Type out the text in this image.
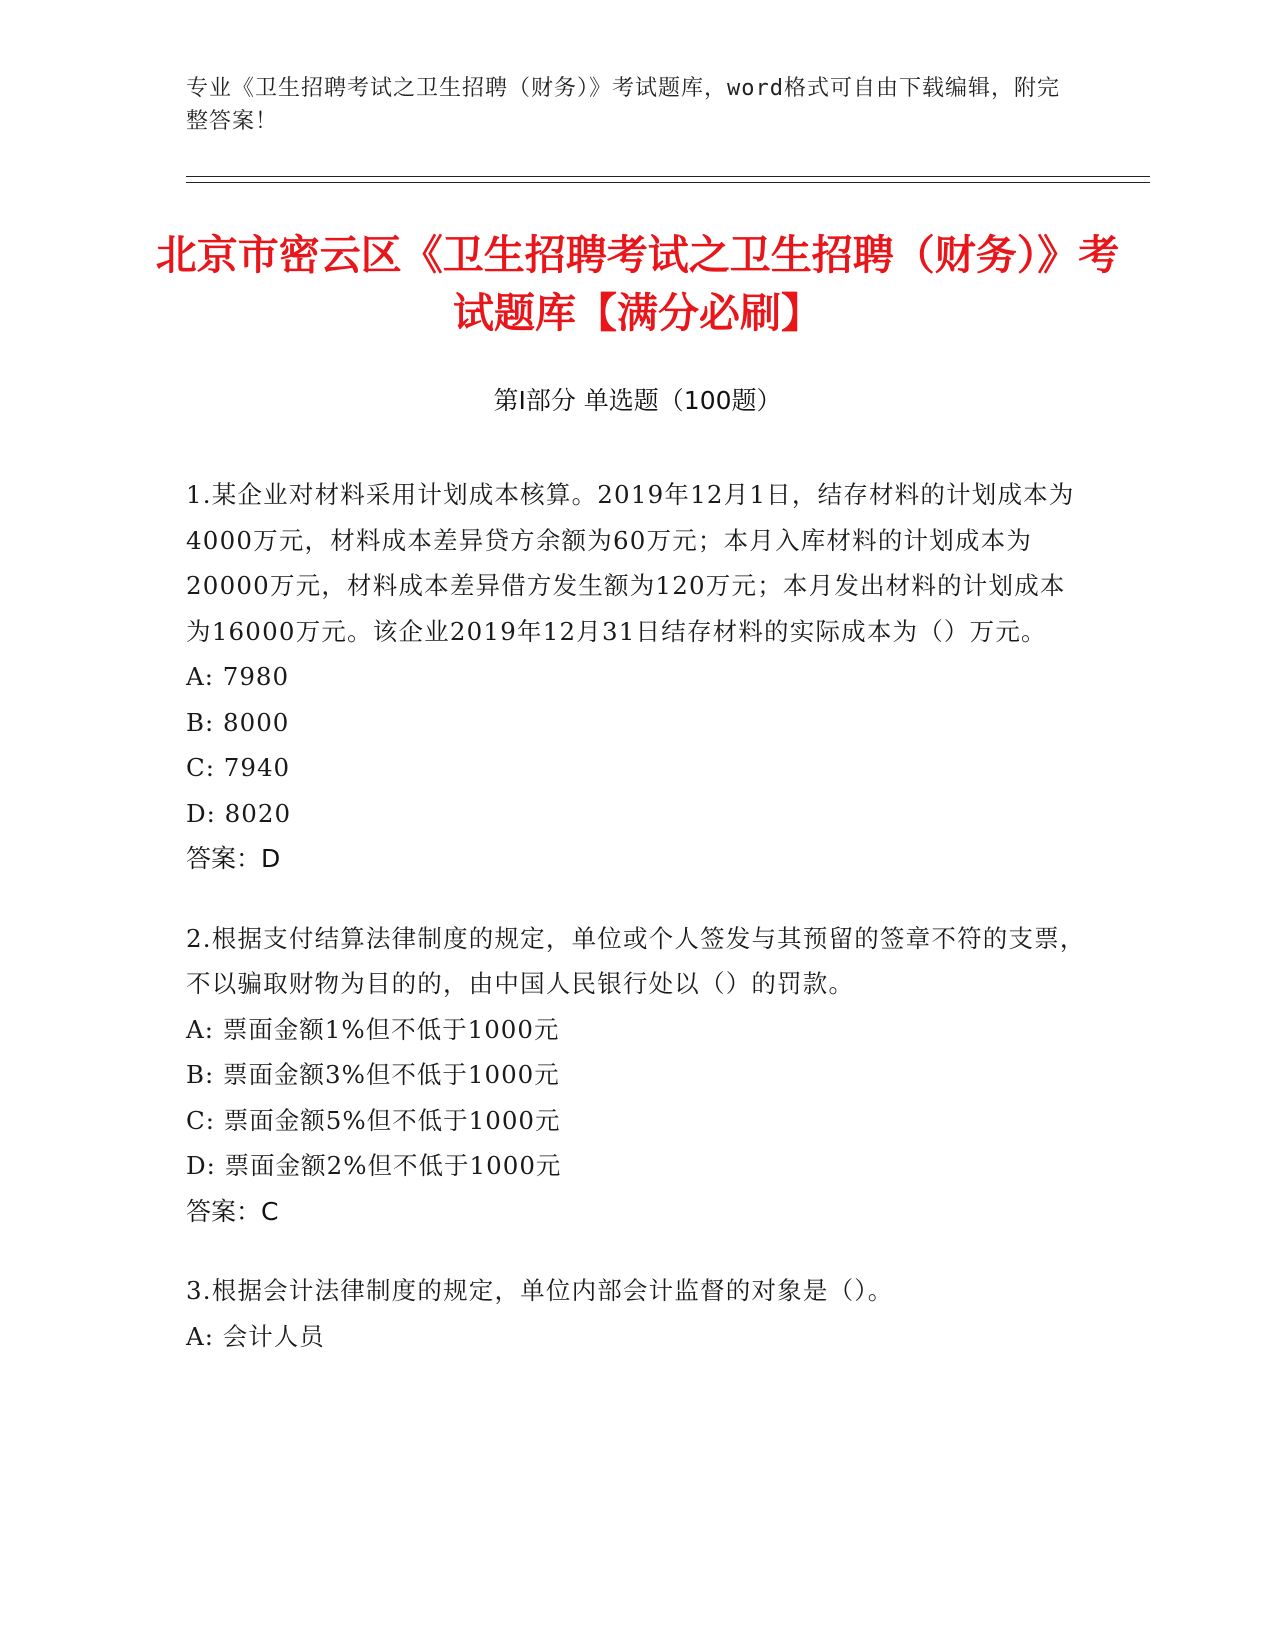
专业《卫生招聘考试之卫生招聘（财务）》考试题库，word格式可自由下载编辑，附完整答案！
北京市密云区《卫生招聘考试之卫生招聘（财务）》考试题库【满分必刷】
第I部分 单选题（100题）

1.某企业对材料采用计划成本核算。2019年12月1日，结存材料的计划成本为4000万元，材料成本差异贷方余额为60万元；本月入库材料的计划成本为20000万元，材料成本差异借方发生额为120万元；本月发出材料的计划成本为16000万元。该企业2019年12月31日结存材料的实际成本为（）万元。

A: 7980

B: 8000

C: 7940

D: 8020

答案：D

2.根据支付结算法律制度的规定，单位或个人签发与其预留的签章不符的支票，不以骗取财物为目的的，由中国人民银行处以（）的罚款。

A: 票面金额1%但不低于1000元

B: 票面金额3%但不低于1000元

C: 票面金额5%但不低于1000元

D: 票面金额2%但不低于1000元

答案：C

3.根据会计法律制度的规定，单位内部会计监督的对象是（）。

A: 会计人员
